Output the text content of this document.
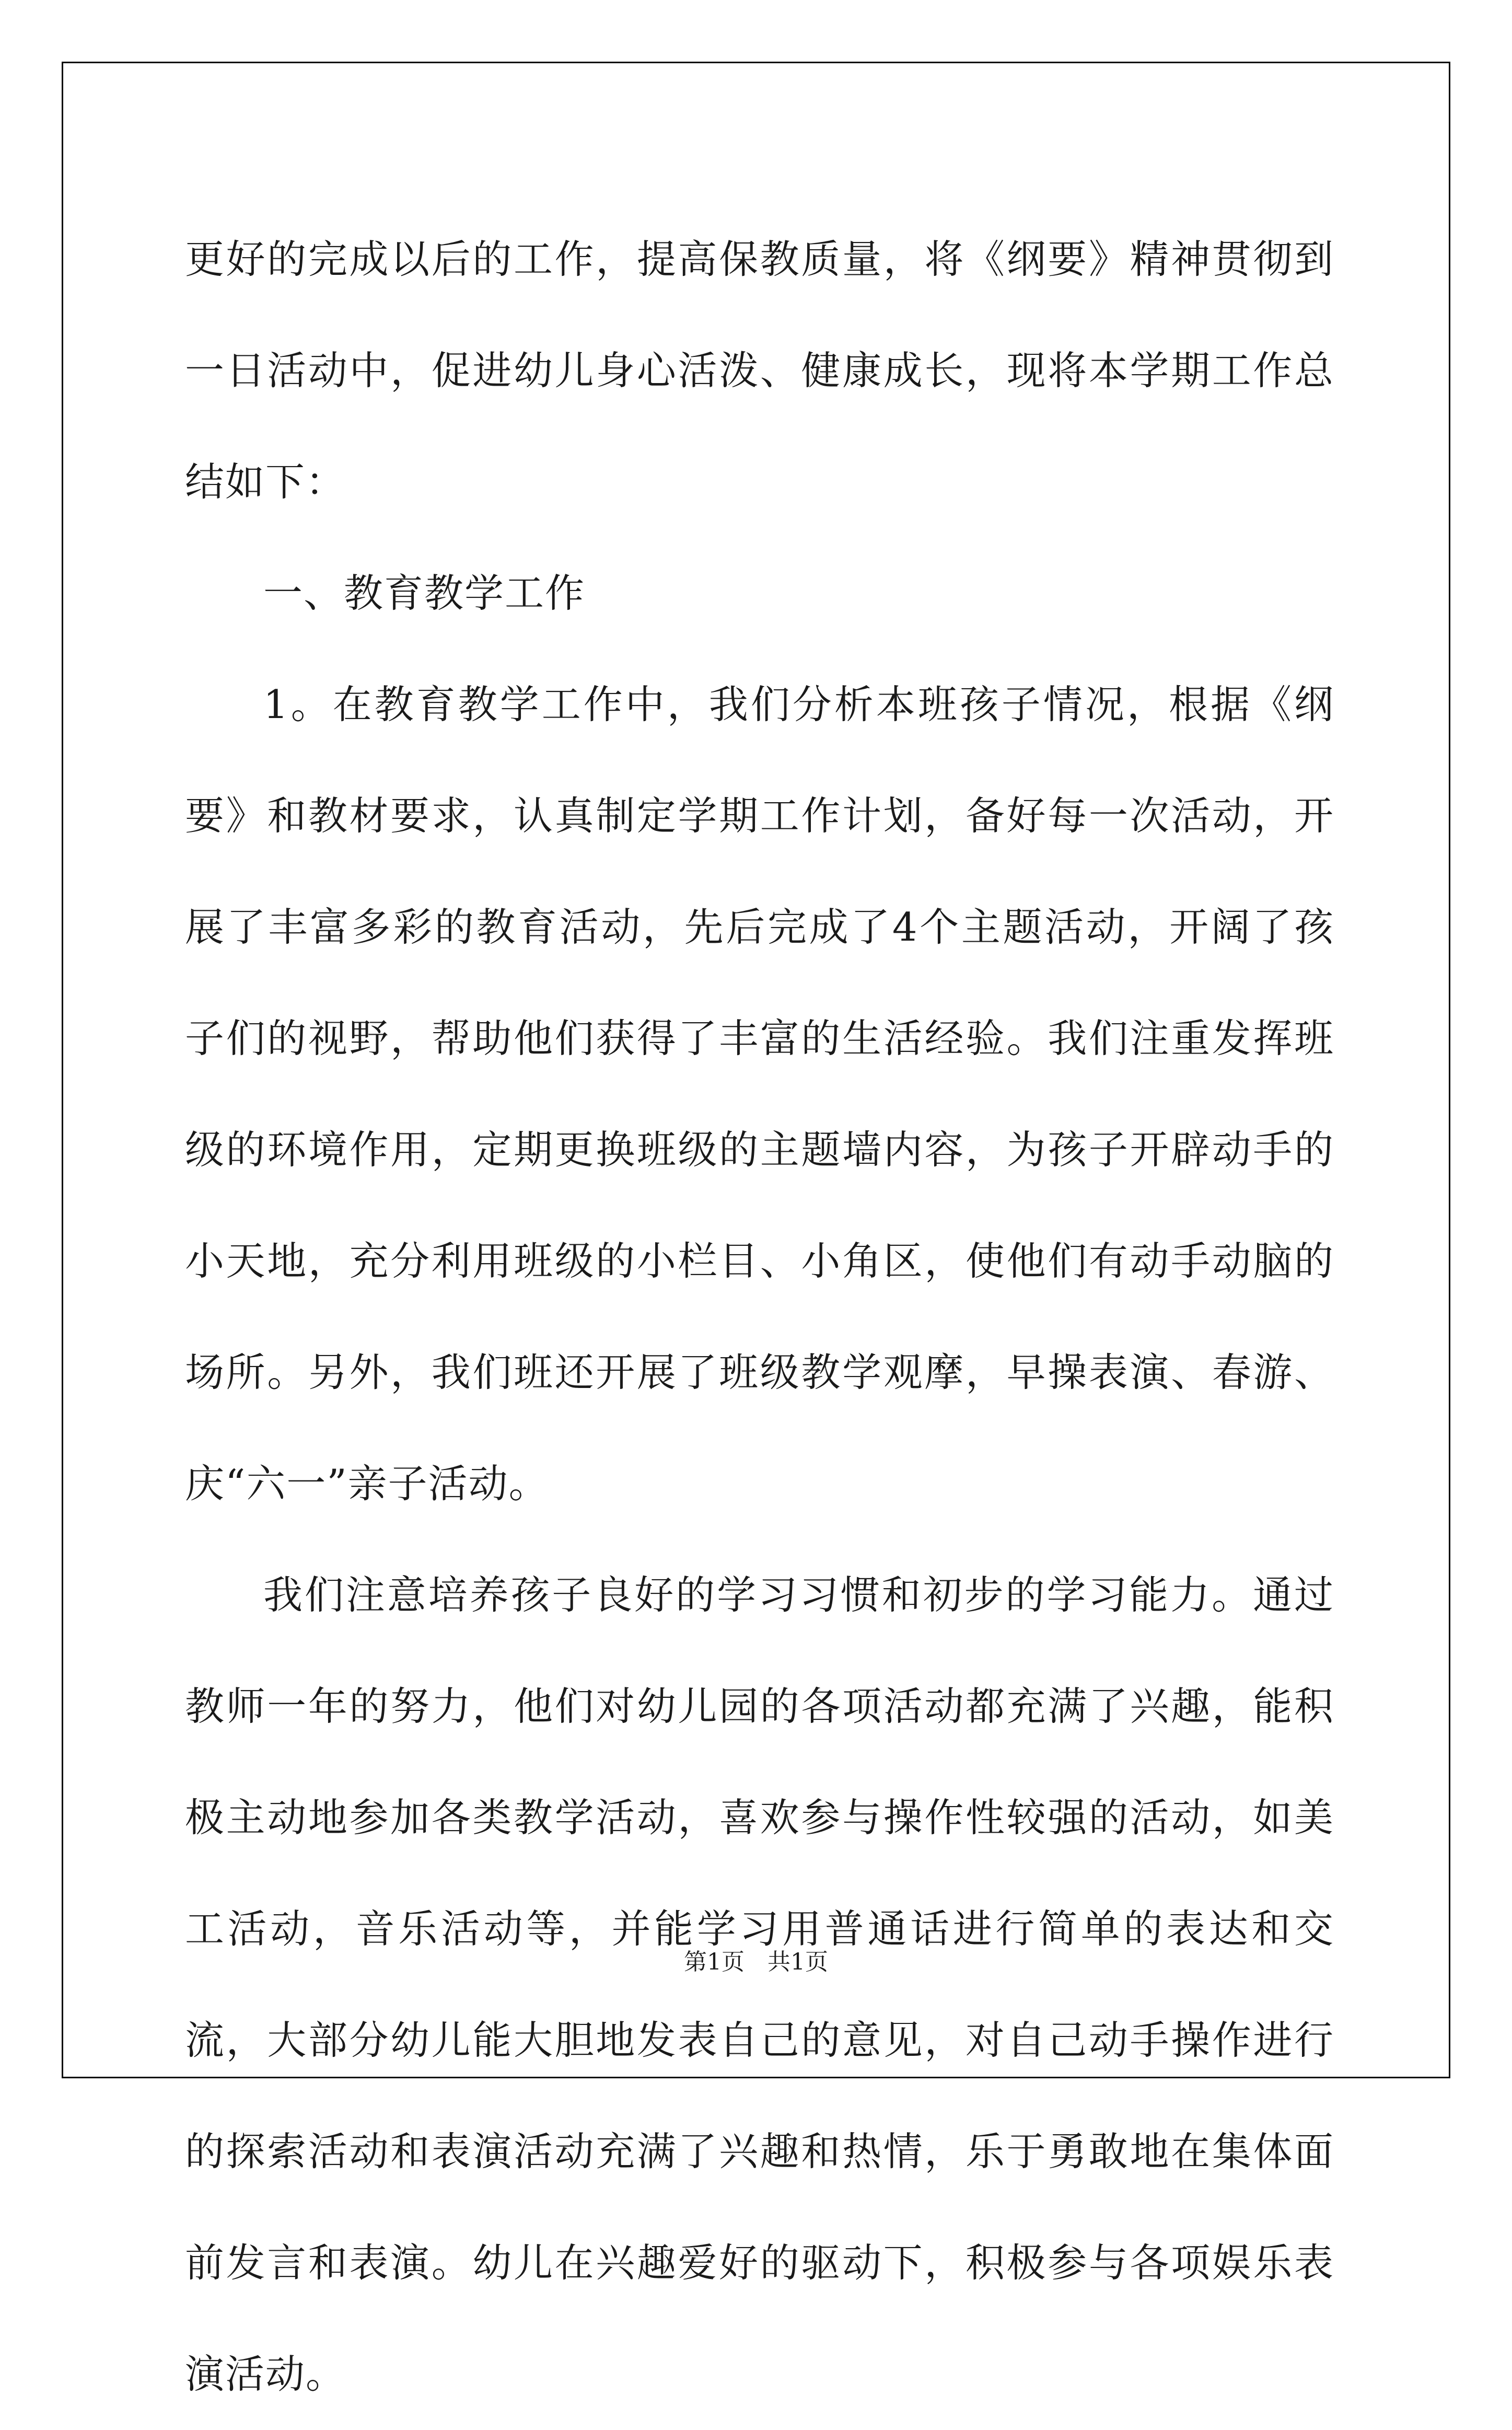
更好的完成以后的工作，提高保教质量，将《纲要》精神贯彻到一日活动中，促进幼儿身心活泼、健康成长，现将本学期工作总结如下：

一、教育教学工作

1。在教育教学工作中，我们分析本班孩子情况，根据《纲要》和教材要求，认真制定学期工作计划，备好每一次活动，开展了丰富多彩的教育活动，先后完成了4个主题活动，开阔了孩子们的视野，帮助他们获得了丰富的生活经验。我们注重发挥班级的环境作用，定期更换班级的主题墙内容，为孩子开辟动手的小天地，充分利用班级的小栏目、小角区，使他们有动手动脑的场所。另外，我们班还开展了班级教学观摩，早操表演、春游、庆“六一”亲子活动。

我们注意培养孩子良好的学习习惯和初步的学习能力。通过教师一年的努力，他们对幼儿园的各项活动都充满了兴趣，能积极主动地参加各类教学活动，喜欢参与操作性较强的活动，如美工活动，音乐活动等，并能学习用普通话进行简单的表达和交流，大部分幼儿能大胆地发表自己的意见，对自己动手操作进行的探索活动和表演活动充满了兴趣和热情，乐于勇敢地在集体面前发言和表演。幼儿在兴趣爱好的驱动下，积极参与各项娱乐表演活动。

第1页 共1页
